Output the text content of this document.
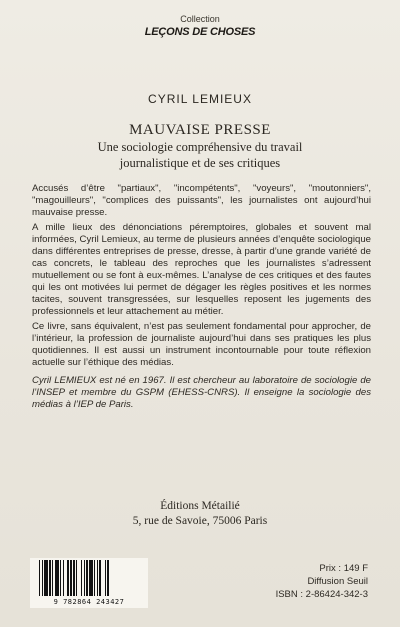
Collection
LEÇONS DE CHOSES
CYRIL LEMIEUX
MAUVAISE PRESSE
Une sociologie compréhensive du travail
journalistique et de ses critiques

Accusés d’être "partiaux", "incompétents", "voyeurs", "moutonniers", "magouilleurs", "complices des puissants", les journalistes ont aujourd’hui mauvaise presse.

A mille lieux des dénonciations péremptoires, globales et souvent mal informées, Cyril Lemieux, au terme de plusieurs années d’enquête sociologique dans différentes entreprises de presse, dresse, à partir d’une grande variété de cas concrets, le tableau des reproches que les journalistes s’adressent mutuellement ou se font à eux-mêmes. L’analyse de ces critiques et des fautes qui les ont motivées lui permet de dégager les règles positives et les normes tacites, souvent transgressées, sur lesquelles reposent les jugements des professionnels et leur attachement au métier.

Ce livre, sans équivalent, n’est pas seulement fondamental pour approcher, de l’intérieur, la profession de journaliste aujourd’hui dans ses pratiques les plus quotidiennes. Il est aussi un instrument incontournable pour toute réflexion actuelle sur l’éthique des médias.

Cyril LEMIEUX est né en 1967. Il est chercheur au laboratoire de sociologie de l’INSEP et membre du GSPM (EHESS-CNRS). Il enseigne la sociologie des médias à l’IEP de Paris.

Éditions Métailié
5, rue de Savoie, 75006 Paris
9 782864 243427
Prix : 149 F
Diffusion Seuil
ISBN : 2-86424-342-3
